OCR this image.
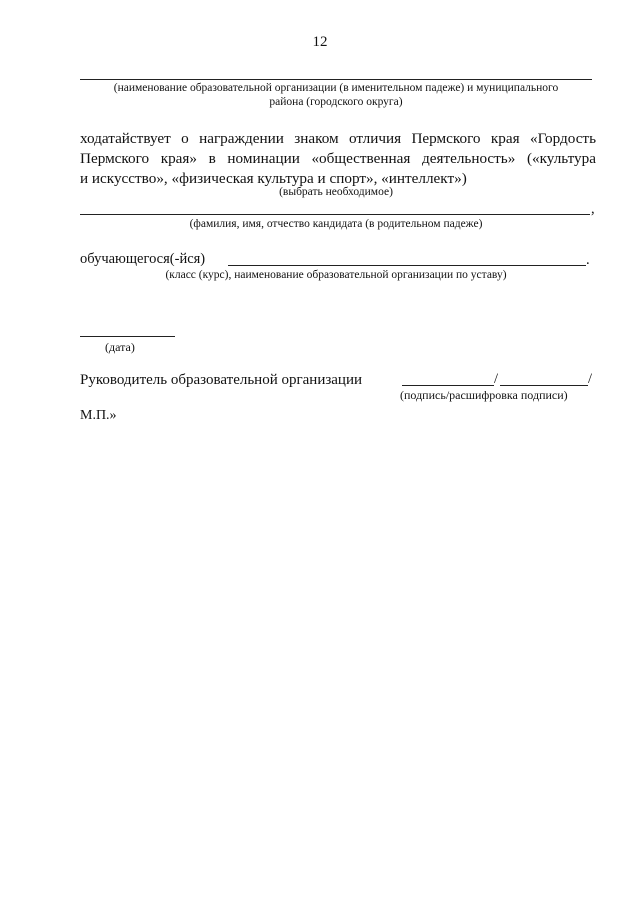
12
(наименование образовательной организации (в именительном падеже) и муниципального
района (городского округа)
ходатайствует о награждении знаком отличия Пермского края «Гордость
Пермского края» в номинации «общественная деятельность» («культура
и искусство», «физическая культура и спорт», «интеллект»)
(выбрать необходимое)
,
(фамилия, имя, отчество кандидата (в родительном падеже)
обучающегося(-йся)	.
(класс (курс), наименование образовательной организации по уставу)
(дата)
Руководитель образовательной организации	/	/
(подпись/расшифровка подписи)
М.П.»
